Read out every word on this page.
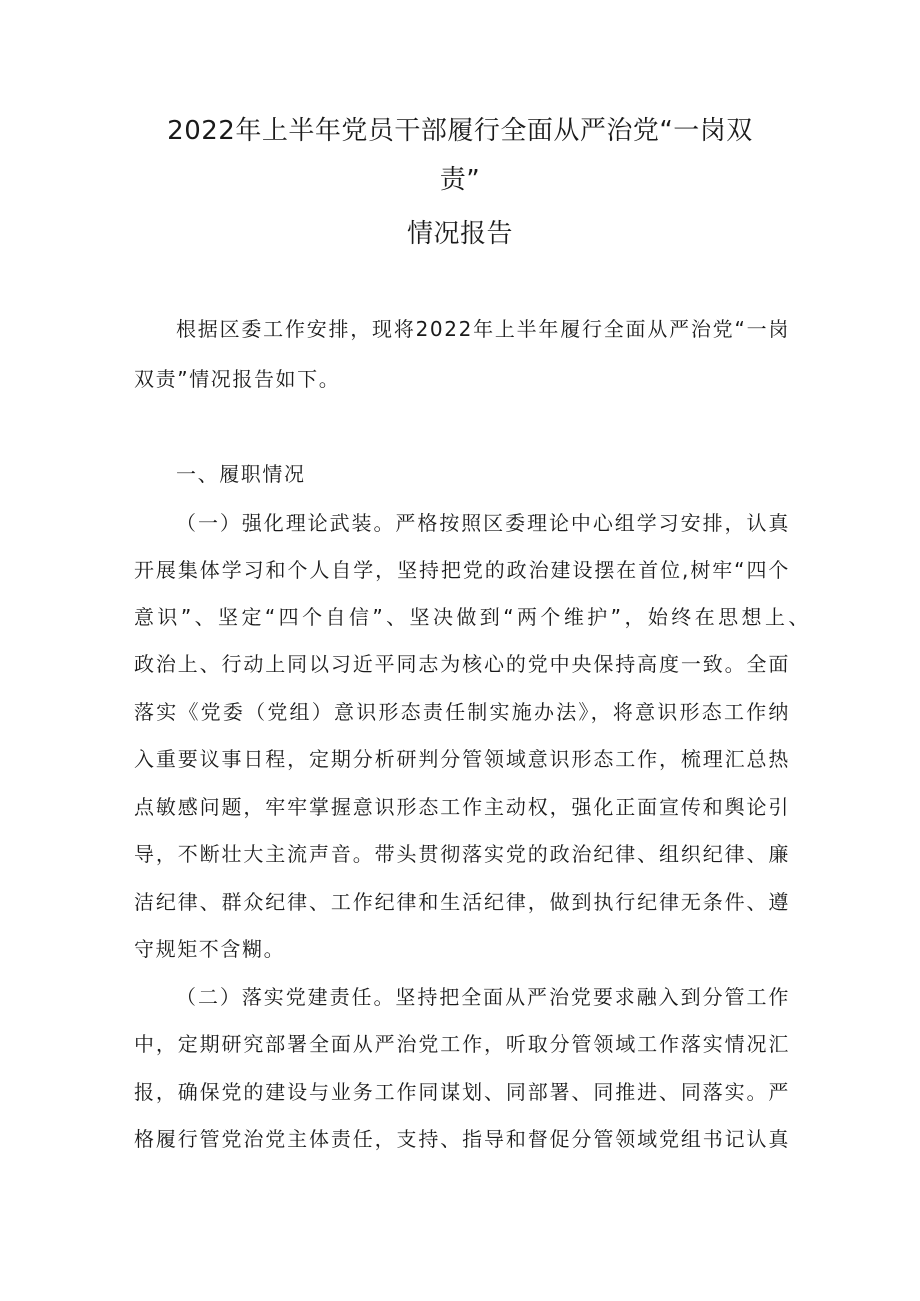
2022年上半年党员干部履行全面从严治党“一岗双
责”
情况报告
根据区委工作安排，现将2022年上半年履行全面从严治党“一岗
双责”情况报告如下。
一、履职情况
（一）强化理论武装。严格按照区委理论中心组学习安排，认真
开展集体学习和个人自学，坚持把党的政治建设摆在首位,树牢“四个
意识”、坚定“四个自信”、坚决做到“两个维护”，始终在思想上、
政治上、行动上同以习近平同志为核心的党中央保持高度一致。全面
落实《党委（党组）意识形态责任制实施办法》，将意识形态工作纳
入重要议事日程，定期分析研判分管领域意识形态工作，梳理汇总热
点敏感问题，牢牢掌握意识形态工作主动权，强化正面宣传和舆论引
导，不断壮大主流声音。带头贯彻落实党的政治纪律、组织纪律、廉
洁纪律、群众纪律、工作纪律和生活纪律，做到执行纪律无条件、遵
守规矩不含糊。
（二）落实党建责任。坚持把全面从严治党要求融入到分管工作
中，定期研究部署全面从严治党工作，听取分管领域工作落实情况汇
报，确保党的建设与业务工作同谋划、同部署、同推进、同落实。严
格履行管党治党主体责任，支持、指导和督促分管领域党组书记认真
